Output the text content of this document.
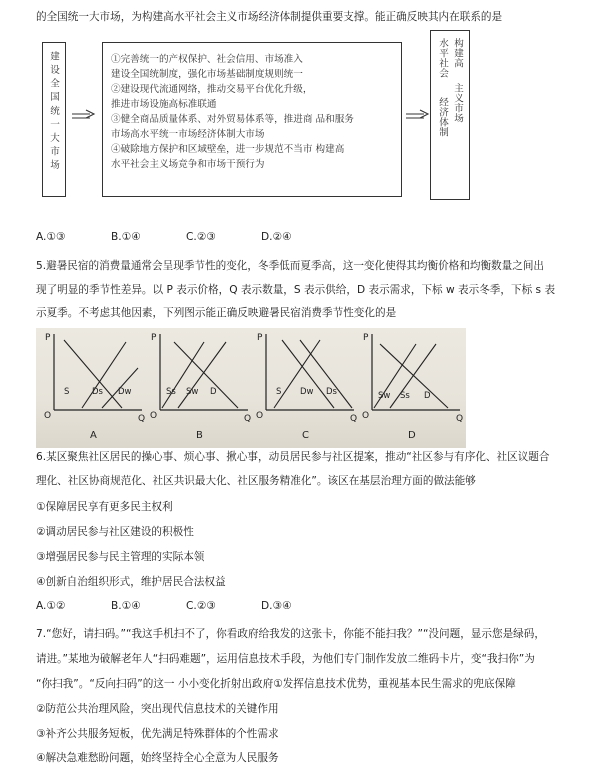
的全国统一大市场，为构建高水平社会主义市场经济体制提供重要支撑。能正确反映其内在联系的是
建设全国统一大市场	①完善统一的产权保护、社会信用、市场准入
建设全国统制度，强化市场基础制度规则统一
②建设现代流通网络，推动交易平台优化升级，
推进市场设施高标准联通
③健全商品质量体系、对外贸易体系等，推进商 品和服务
市场高水平统一市场经济体制大市场
④破除地方保护和区域壁垒，进一步规范不当市 构建高
水平社会主义场竞争和市场干预行为
构建高
水平社会
主义市场
经济体制
A.①③	B.①④	C.②③	D.②④
5.避暑民宿的消费量通常会呈现季节性的变化，冬季低而夏季高，这一变化使得其均衡价格和均衡数量之间出
现了明显的季节性差异。以 P 表示价格，Q 表示数量，S 表示供给，D 表示需求，下标 w 表示冬季，下标 s 表
示夏季。不考虑其他因素，下列图示能正确反映避暑民宿消费季节性变化的是
P
Q
O
S	Ds Dw
A
P
Q
O
Ss Sw D
B
P
Q
O
S Dw Ds
C
P
Q
O
Sw Ss D
D
6.某区聚焦社区居民的操心事、烦心事、揪心事，动员居民参与社区提案，推动“社区参与有序化、社区议题合
理化、社区协商规范化、社区共识最大化、社区服务精准化”。该区在基层治理方面的做法能够
①保障居民享有更多民主权利
②调动居民参与社区建设的积极性
③增强居民参与民主管理的实际本领
④创新自治组织形式，维护居民合法权益
A.①②	B.①④	C.②③	D.③④
7.“您好，请扫码。”“我这手机扫不了，你看政府给我发的这张卡，你能不能扫我？”“没问题，显示您是绿码，
请进。”某地为破解老年人“扫码难题”，运用信息技术手段，为他们专门制作发放二维码卡片，变“我扫你”为
“你扫我”。“反向扫码”的这一 小小变化折射出政府①发挥信息技术优势，重视基本民生需求的兜底保障
②防范公共治理风险，突出现代信息技术的关键作用
③补齐公共服务短板，优先满足特殊群体的个性需求
④解决急难愁盼问题，始终坚持全心全意为人民服务
